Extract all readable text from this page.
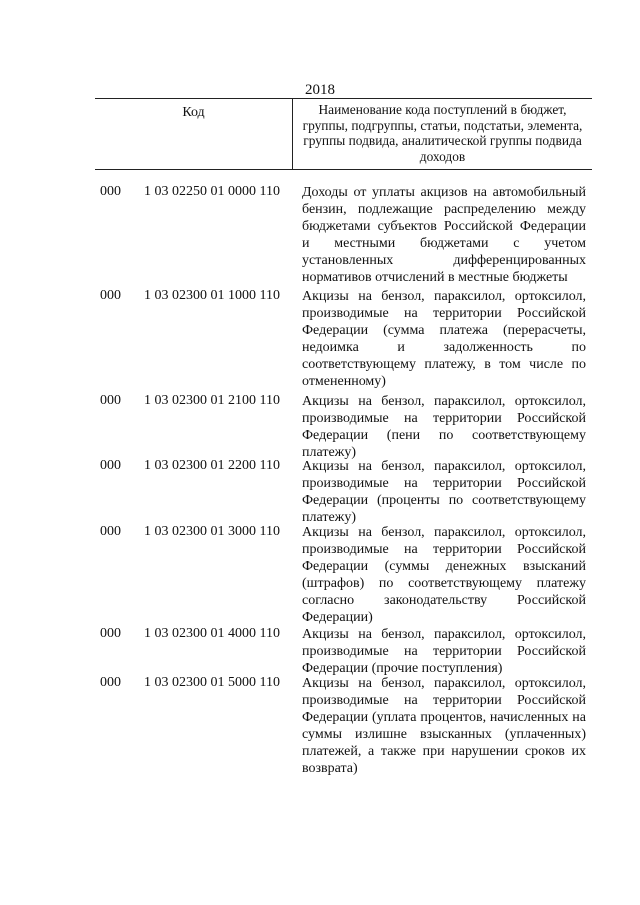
2018
Код	Наименование кода поступлений в бюджет, группы, подгруппы, статьи, подстатьи, элемента, группы подвида, аналитической группы подвида доходов
000 1 03 02250 01 0000 110 Доходы от уплаты акцизов на автомобильный бензин, подлежащие распределению между бюджетами субъектов Российской Федерации и местными бюджетами с учетом установленных дифференцированных нормативов отчислений в местные бюджеты
000 1 03 02300 01 1000 110 Акцизы на бензол, параксилол, ортоксилол, производимые на территории Российской Федерации (сумма платежа (перерасчеты, недоимка и задолженность по соответствующему платежу, в том числе по отмененному)
000 1 03 02300 01 2100 110 Акцизы на бензол, параксилол, ортоксилол, производимые на территории Российской Федерации (пени по соответствующему платежу)
000 1 03 02300 01 2200 110 Акцизы на бензол, параксилол, ортоксилол, производимые на территории Российской Федерации (проценты по соответствующему платежу)
000 1 03 02300 01 3000 110 Акцизы на бензол, параксилол, ортоксилол, производимые на территории Российской Федерации (суммы денежных взысканий (штрафов) по соответствующему платежу согласно законодательству Российской Федерации)
000 1 03 02300 01 4000 110 Акцизы на бензол, параксилол, ортоксилол, производимые на территории Российской Федерации (прочие поступления)
000 1 03 02300 01 5000 110 Акцизы на бензол, параксилол, ортоксилол, производимые на территории Российской Федерации (уплата процентов, начисленных на суммы излишне взысканных (уплаченных) платежей, а также при нарушении сроков их возврата)
